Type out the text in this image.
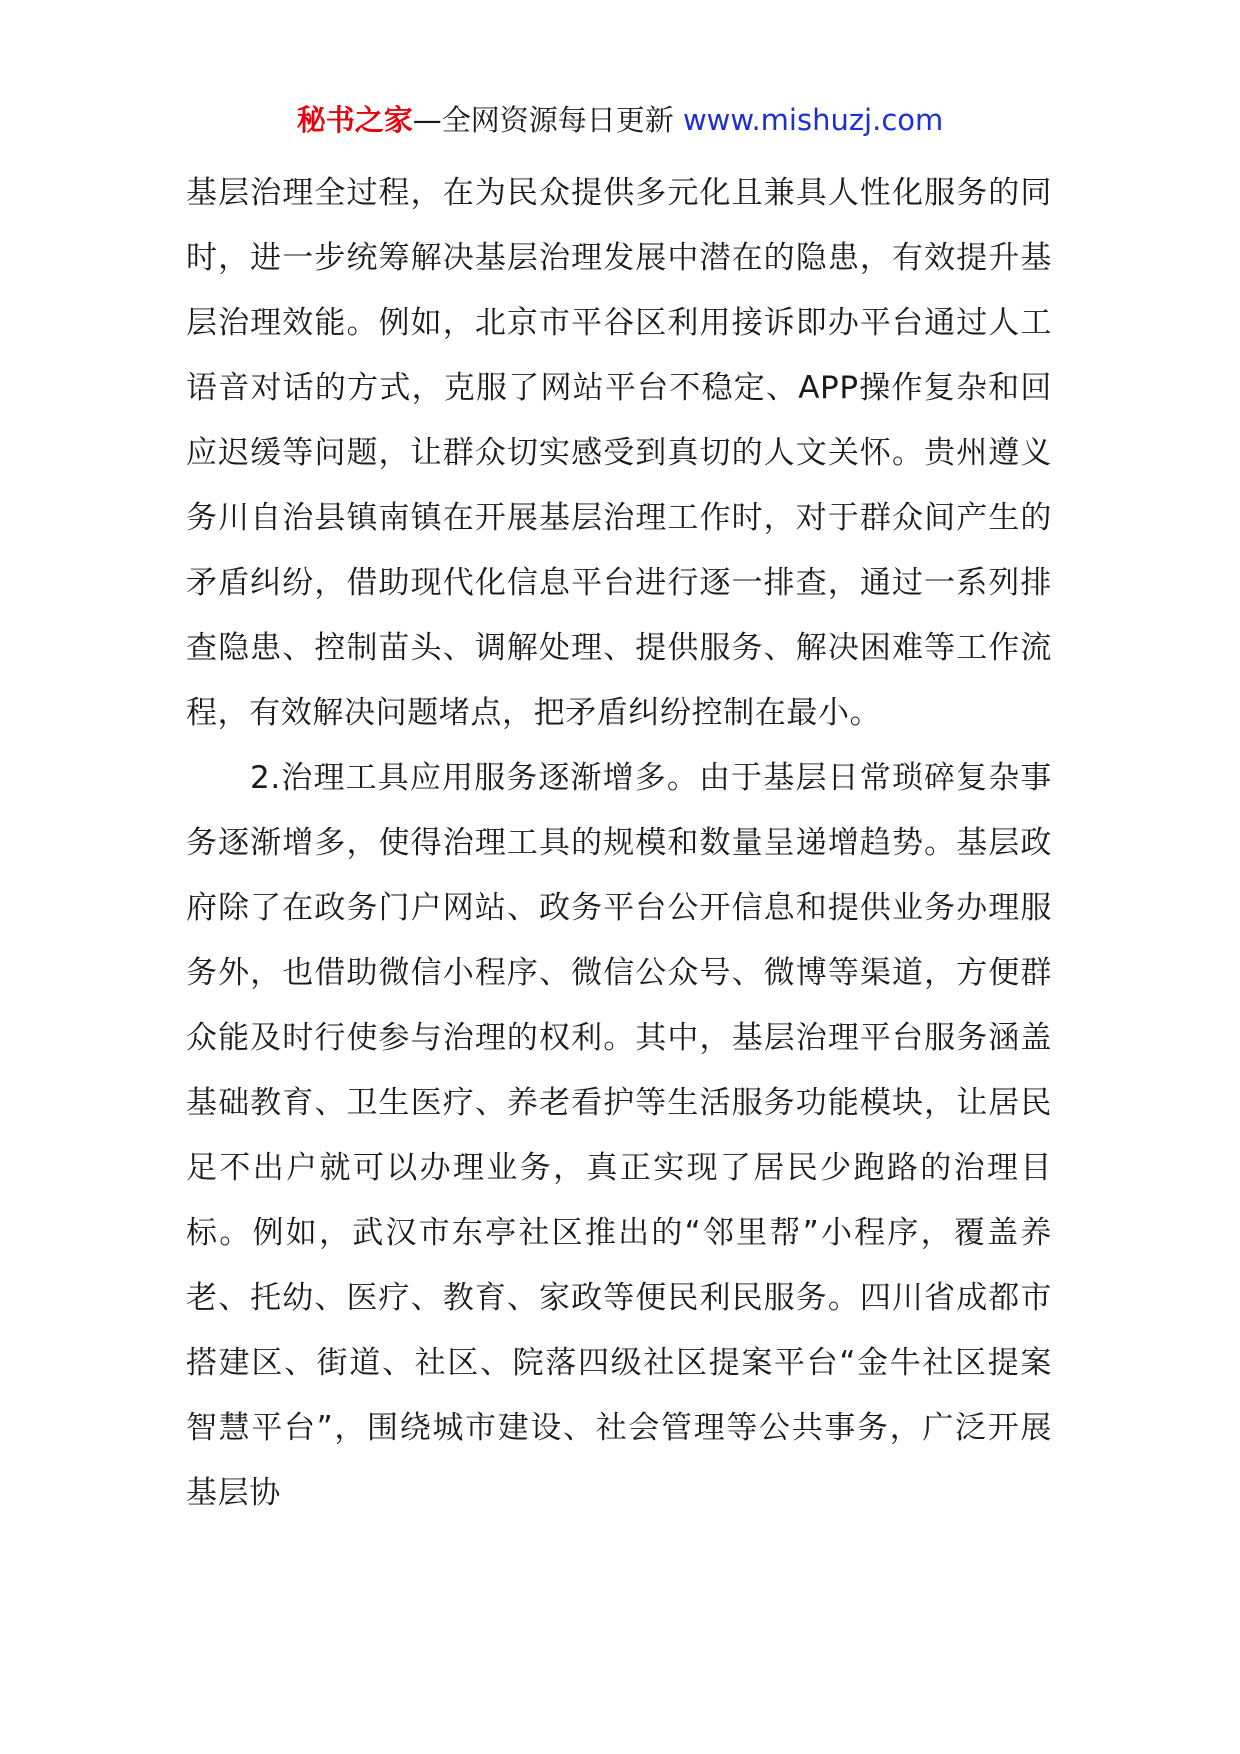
秘书之家—全网资源每日更新 www.mishuzj.com

基层治理全过程，在为民众提供多元化且兼具人性化服务的同时，进一步统筹解决基层治理发展中潜在的隐患，有效提升基层治理效能。例如，北京市平谷区利用接诉即办平台通过人工语音对话的方式，克服了网站平台不稳定、APP操作复杂和回应迟缓等问题，让群众切实感受到真切的人文关怀。贵州遵义务川自治县镇南镇在开展基层治理工作时，对于群众间产生的矛盾纠纷，借助现代化信息平台进行逐一排查，通过一系列排查隐患、控制苗头、调解处理、提供服务、解决困难等工作流程，有效解决问题堵点，把矛盾纠纷控制在最小。

2.治理工具应用服务逐渐增多。由于基层日常琐碎复杂事务逐渐增多，使得治理工具的规模和数量呈递增趋势。基层政府除了在政务门户网站、政务平台公开信息和提供业务办理服务外，也借助微信小程序、微信公众号、微博等渠道，方便群众能及时行使参与治理的权利。其中，基层治理平台服务涵盖基础教育、卫生医疗、养老看护等生活服务功能模块，让居民足不出户就可以办理业务，真正实现了居民少跑路的治理目标。例如，武汉市东亭社区推出的“邻里帮”小程序，覆盖养老、托幼、医疗、教育、家政等便民利民服务。四川省成都市搭建区、街道、社区、院落四级社区提案平台“金牛社区提案智慧平台”，围绕城市建设、社会管理等公共事务，广泛开展基层协
